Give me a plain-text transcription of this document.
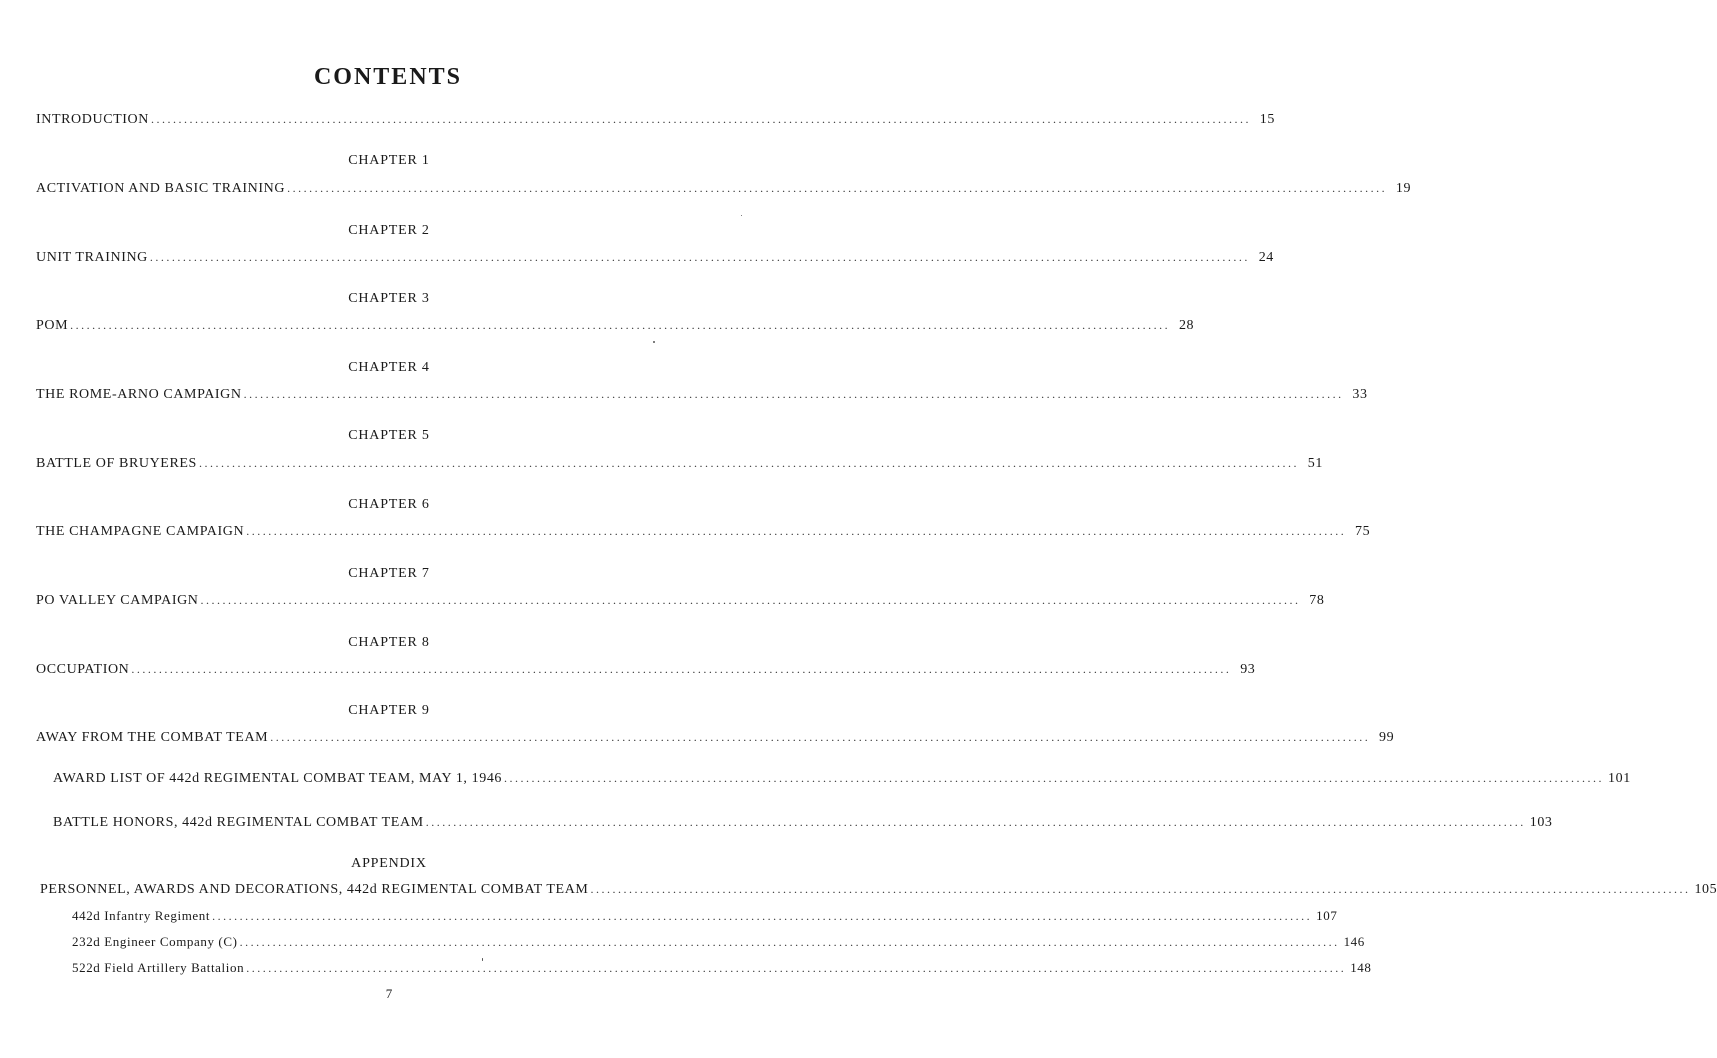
CONTENTS
INTRODUCTION ........................................................................................................................................................................................................ 15
CHAPTER 1
ACTIVATION AND BASIC TRAINING ........................................................................................................................................................................................................ 19
CHAPTER 2
UNIT TRAINING ........................................................................................................................................................................................................ 24
CHAPTER 3
POM ........................................................................................................................................................................................................ 28
CHAPTER 4
THE ROME-ARNO CAMPAIGN ........................................................................................................................................................................................................ 33
CHAPTER 5
BATTLE OF BRUYERES ........................................................................................................................................................................................................ 51
CHAPTER 6
THE CHAMPAGNE CAMPAIGN ........................................................................................................................................................................................................ 75
CHAPTER 7
PO VALLEY CAMPAIGN ........................................................................................................................................................................................................ 78
CHAPTER 8
OCCUPATION ........................................................................................................................................................................................................ 93
CHAPTER 9
AWAY FROM THE COMBAT TEAM ........................................................................................................................................................................................................ 99
AWARD LIST OF 442d REGIMENTAL COMBAT TEAM, MAY 1, 1946 ........................................................................................................................................................................................................ 101
BATTLE HONORS, 442d REGIMENTAL COMBAT TEAM ........................................................................................................................................................................................................ 103
APPENDIX
PERSONNEL, AWARDS AND DECORATIONS, 442d REGIMENTAL COMBAT TEAM ........................................................................................................................................................................................................ 105
442d Infantry Regiment ........................................................................................................................................................................................................ 107
232d Engineer Company (C) ........................................................................................................................................................................................................ 146
522d Field Artillery Battalion ........................................................................................................................................................................................................ 148
7
